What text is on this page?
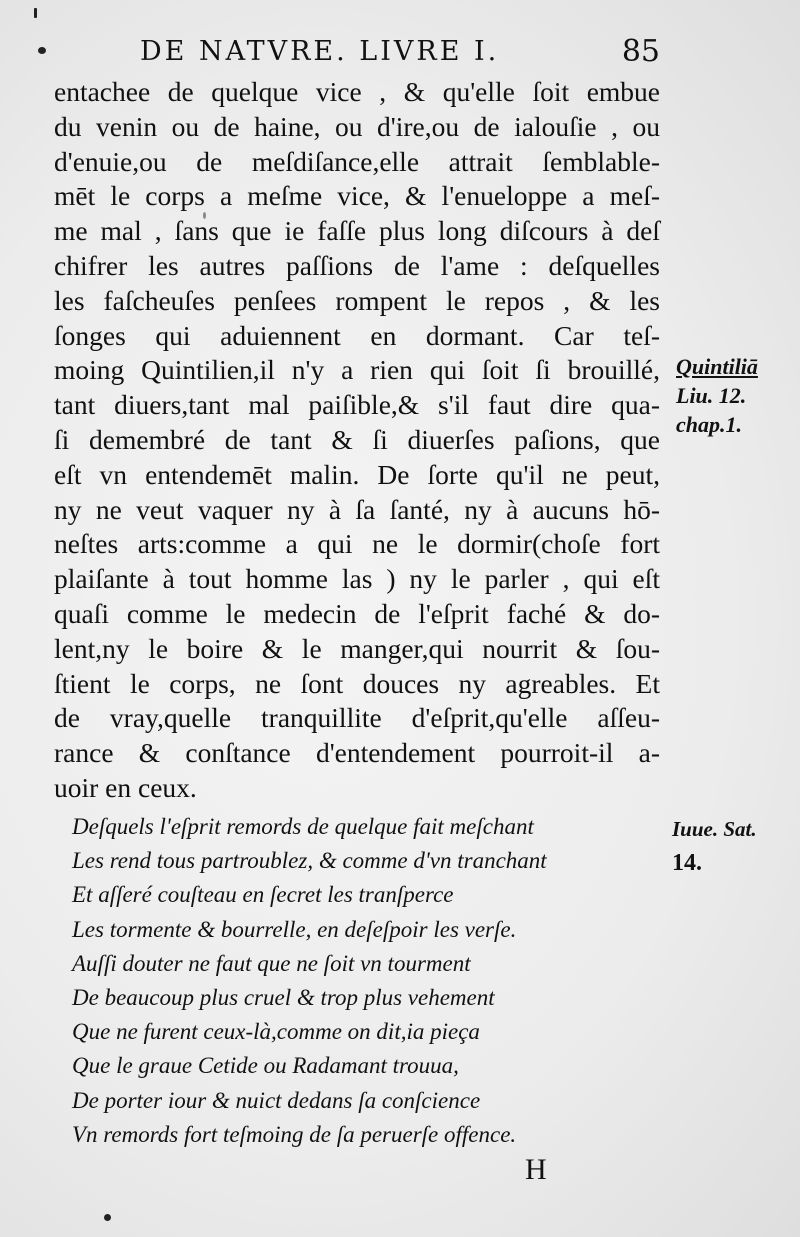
DE NATVRE. LIVRE I.	85
entachee de quelque vice , & qu'elle ſoit embue
du venin ou de haine, ou d'ire,ou de ialouſie , ou
d'enuie,ou de meſdiſance,elle attrait ſemblable-
mēt le corps a meſme vice, & l'enueloppe a meſ-
me mal , ſans que ie faſſe plus long diſcours à deſ
chifrer les autres paſſions de l'ame : deſquelles
les faſcheuſes penſees rompent le repos , & les
ſonges qui aduiennent en dormant. Car teſ-
moing Quintilien,il n'y a rien qui ſoit ſi brouillé,
tant diuers,tant mal paiſible,& s'il faut dire qua-
ſi demembré de tant & ſi diuerſes paſions, que
eſt vn entendemēt malin. De ſorte qu'il ne peut,
ny ne veut vaquer ny à ſa ſanté, ny à aucuns hō-
neſtes arts:comme a qui ne le dormir(choſe fort
plaiſante à tout homme las ) ny le parler , qui eſt
quaſi comme le medecin de l'eſprit faché & do-
lent,ny le boire & le manger,qui nourrit & ſou-
ſtient le corps, ne ſont douces ny agreables. Et
de vray,quelle tranquillite d'eſprit,qu'elle aſſeu-
rance & conſtance d'entendement pourroit-il a-
uoir en ceux.
Quintiliā
Liu. 12.
chap.1.
Deſquels l'eſprit remords de quelque fait meſchant
Les rend tous partroublez, & comme d'vn tranchant
Et aſſeré couſteau en ſecret les tranſperce
Les tormente & bourrelle, en deſeſpoir les verſe.
Auſſi douter ne faut que ne ſoit vn tourment
De beaucoup plus cruel & trop plus vehement
Que ne furent ceux-là,comme on dit,ia pieça
Que le graue Cetide ou Radamant trouua,
De porter iour & nuict dedans ſa conſcience
Vn remords fort teſmoing de ſa peruerſe offence.
Iuue. Sat.
14.
H
